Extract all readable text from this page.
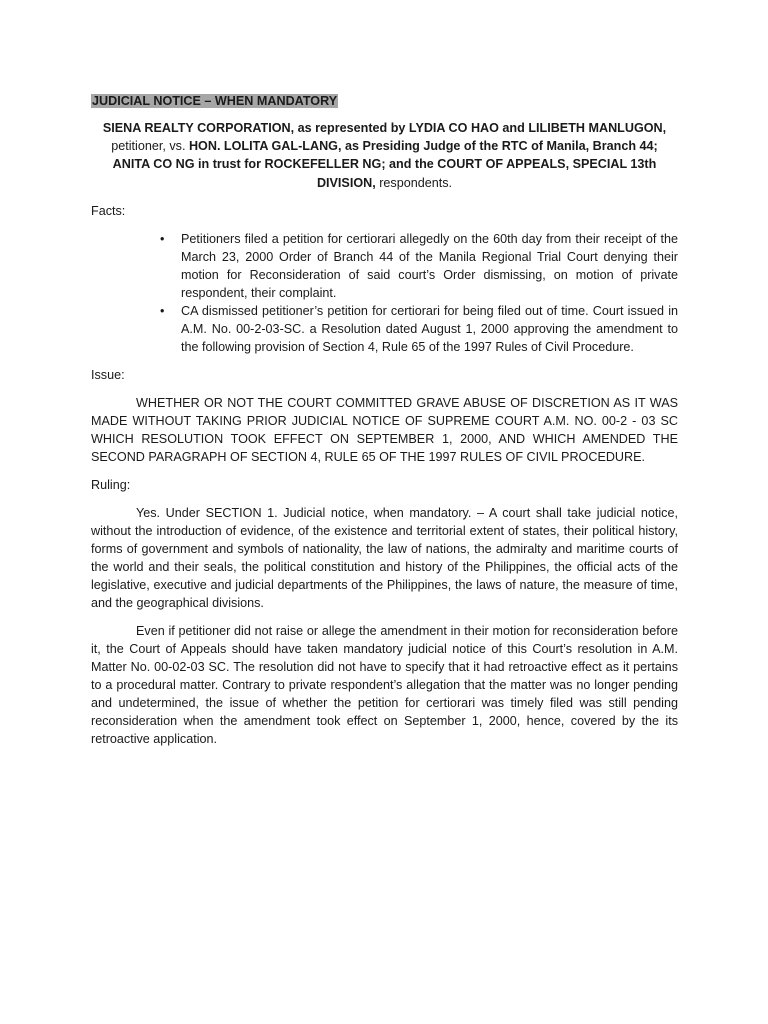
JUDICIAL NOTICE – WHEN MANDATORY

SIENA REALTY CORPORATION, as represented by LYDIA CO HAO and LILIBETH MANLUGON, petitioner, vs. HON. LOLITA GAL-LANG, as Presiding Judge of the RTC of Manila, Branch 44; ANITA CO NG in trust for ROCKEFELLER NG; and the COURT OF APPEALS, SPECIAL 13th DIVISION, respondents.

Facts:

• Petitioners filed a petition for certiorari allegedly on the 60th day from their receipt of the March 23, 2000 Order of Branch 44 of the Manila Regional Trial Court denying their motion for Reconsideration of said court’s Order dismissing, on motion of private respondent, their complaint.
• CA dismissed petitioner’s petition for certiorari for being filed out of time. Court issued in A.M. No. 00-2-03-SC. a Resolution dated August 1, 2000 approving the amendment to the following provision of Section 4, Rule 65 of the 1997 Rules of Civil Procedure.

Issue:

WHETHER OR NOT THE COURT COMMITTED GRAVE ABUSE OF DISCRETION AS IT WAS MADE WITHOUT TAKING PRIOR JUDICIAL NOTICE OF SUPREME COURT A.M. NO. 00-2 - 03 SC WHICH RESOLUTION TOOK EFFECT ON SEPTEMBER 1, 2000, AND WHICH AMENDED THE SECOND PARAGRAPH OF SECTION 4, RULE 65 OF THE 1997 RULES OF CIVIL PROCEDURE.

Ruling:

Yes. Under SECTION 1. Judicial notice, when mandatory. – A court shall take judicial notice, without the introduction of evidence, of the existence and territorial extent of states, their political history, forms of government and symbols of nationality, the law of nations, the admiralty and maritime courts of the world and their seals, the political constitution and history of the Philippines, the official acts of the legislative, executive and judicial departments of the Philippines, the laws of nature, the measure of time, and the geographical divisions.

Even if petitioner did not raise or allege the amendment in their motion for reconsideration before it, the Court of Appeals should have taken mandatory judicial notice of this Court’s resolution in A.M. Matter No. 00-02-03 SC. The resolution did not have to specify that it had retroactive effect as it pertains to a procedural matter. Contrary to private respondent’s allegation that the matter was no longer pending and undetermined, the issue of whether the petition for certiorari was timely filed was still pending reconsideration when the amendment took effect on September 1, 2000, hence, covered by the its retroactive application.
